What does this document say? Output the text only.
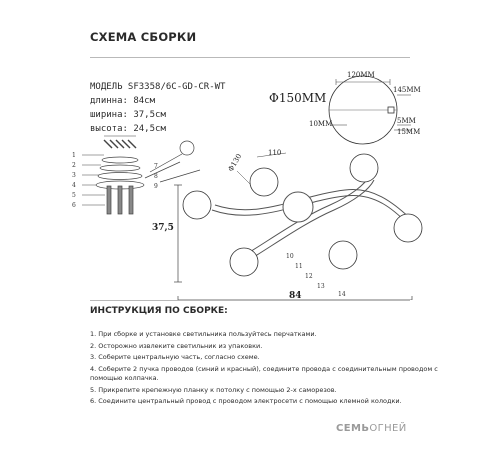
СХЕМА СБОРКИ
МОДЕЛЬ SF3358/6C-GD-CR-WT
длинна: 84см
ширина: 37,5см
высота: 24,5см
Φ150MM
120MM
145MM
10MM	5MM
15MM
110
Φ130
37,5
84
1
2
3
4
5
6
7
8
9
10
11
12
13
14
ИНСТРУКЦИЯ ПО СБОРКЕ:
1. При сборке и установке светильника пользуйтесь перчатками.
2. Осторожно извлеките светильник из упаковки.
3. Соберите центральную часть, согласно схеме.
4. Соберите 2 пучка проводов (синий и красный), соедините провода с соединительным проводом с помощью колпачка.
5. Прикрепите крепежную планку к потолку с помощью 2-х саморезов.
6. Соедините центральный провод с проводом электросети с помощью клемной колодки.
СЕМЬОГНЕЙ
